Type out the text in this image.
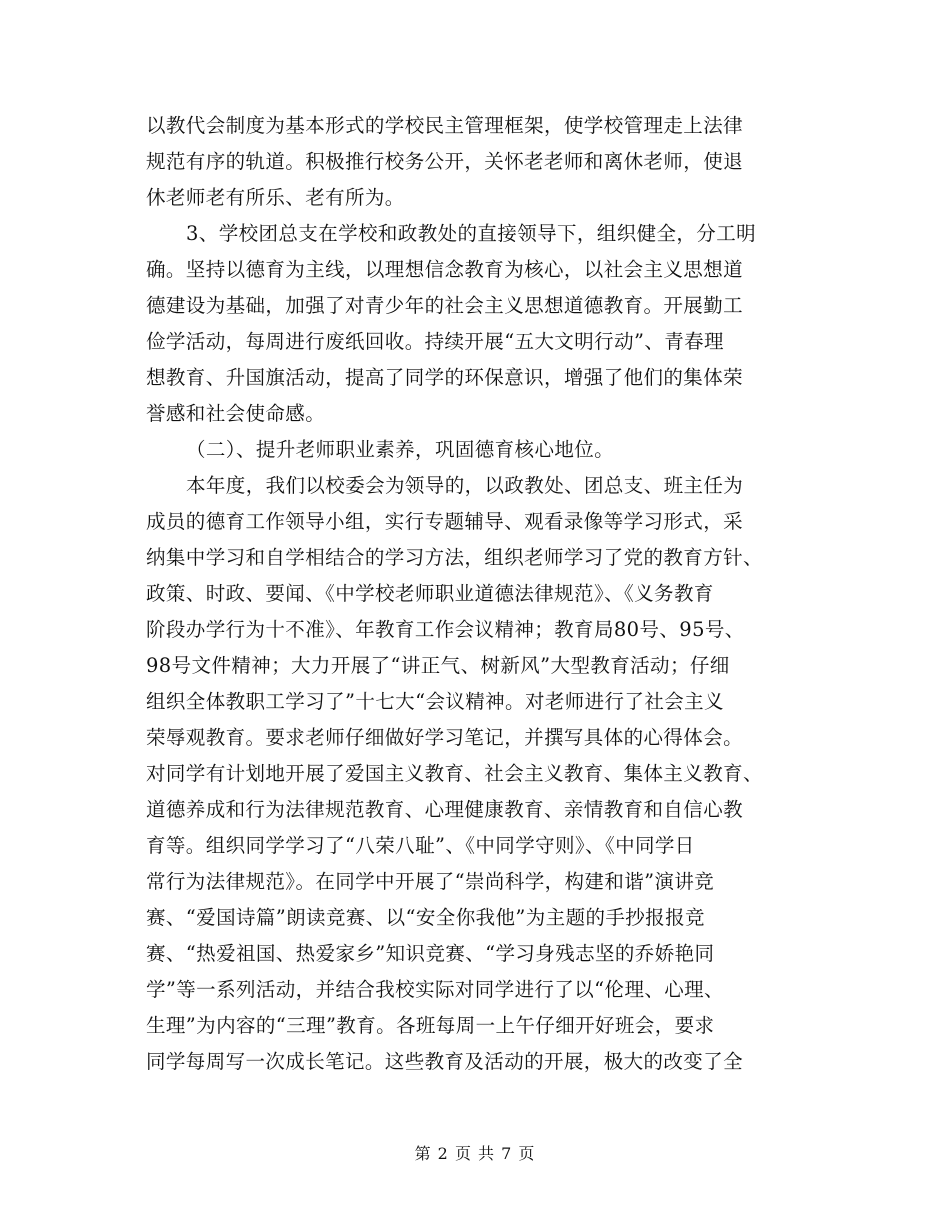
以教代会制度为基本形式的学校民主管理框架，使学校管理走上法律
规范有序的轨道。积极推行校务公开，关怀老老师和离休老师，使退
休老师老有所乐、老有所为。
3、学校团总支在学校和政教处的直接领导下，组织健全，分工明
确。坚持以德育为主线，以理想信念教育为核心，以社会主义思想道
德建设为基础，加强了对青少年的社会主义思想道德教育。开展勤工
俭学活动，每周进行废纸回收。持续开展“五大文明行动”、青春理
想教育、升国旗活动，提高了同学的环保意识，增强了他们的集体荣
誉感和社会使命感。
（二）、提升老师职业素养，巩固德育核心地位。
本年度，我们以校委会为领导的，以政教处、团总支、班主任为
成员的德育工作领导小组，实行专题辅导、观看录像等学习形式，采
纳集中学习和自学相结合的学习方法，组织老师学习了党的教育方针、
政策、时政、要闻、《中学校老师职业道德法律规范》、《义务教育
阶段办学行为十不准》、年教育工作会议精神；教育局80号、95号、
98号文件精神；大力开展了“讲正气、树新风”大型教育活动；仔细
组织全体教职工学习了”十七大“会议精神。对老师进行了社会主义
荣辱观教育。要求老师仔细做好学习笔记，并撰写具体的心得体会。
对同学有计划地开展了爱国主义教育、社会主义教育、集体主义教育、
道德养成和行为法律规范教育、心理健康教育、亲情教育和自信心教
育等。组织同学学习了“八荣八耻”、《中同学守则》、《中同学日
常行为法律规范》。在同学中开展了“崇尚科学，构建和谐”演讲竞
赛、“爱国诗篇”朗读竞赛、以“安全你我他”为主题的手抄报报竞
赛、“热爱祖国、热爱家乡”知识竞赛、“学习身残志坚的乔娇艳同
学”等一系列活动，并结合我校实际对同学进行了以“伦理、心理、
生理”为内容的“三理”教育。各班每周一上午仔细开好班会，要求
同学每周写一次成长笔记。这些教育及活动的开展，极大的改变了全
第 2 页 共 7 页
